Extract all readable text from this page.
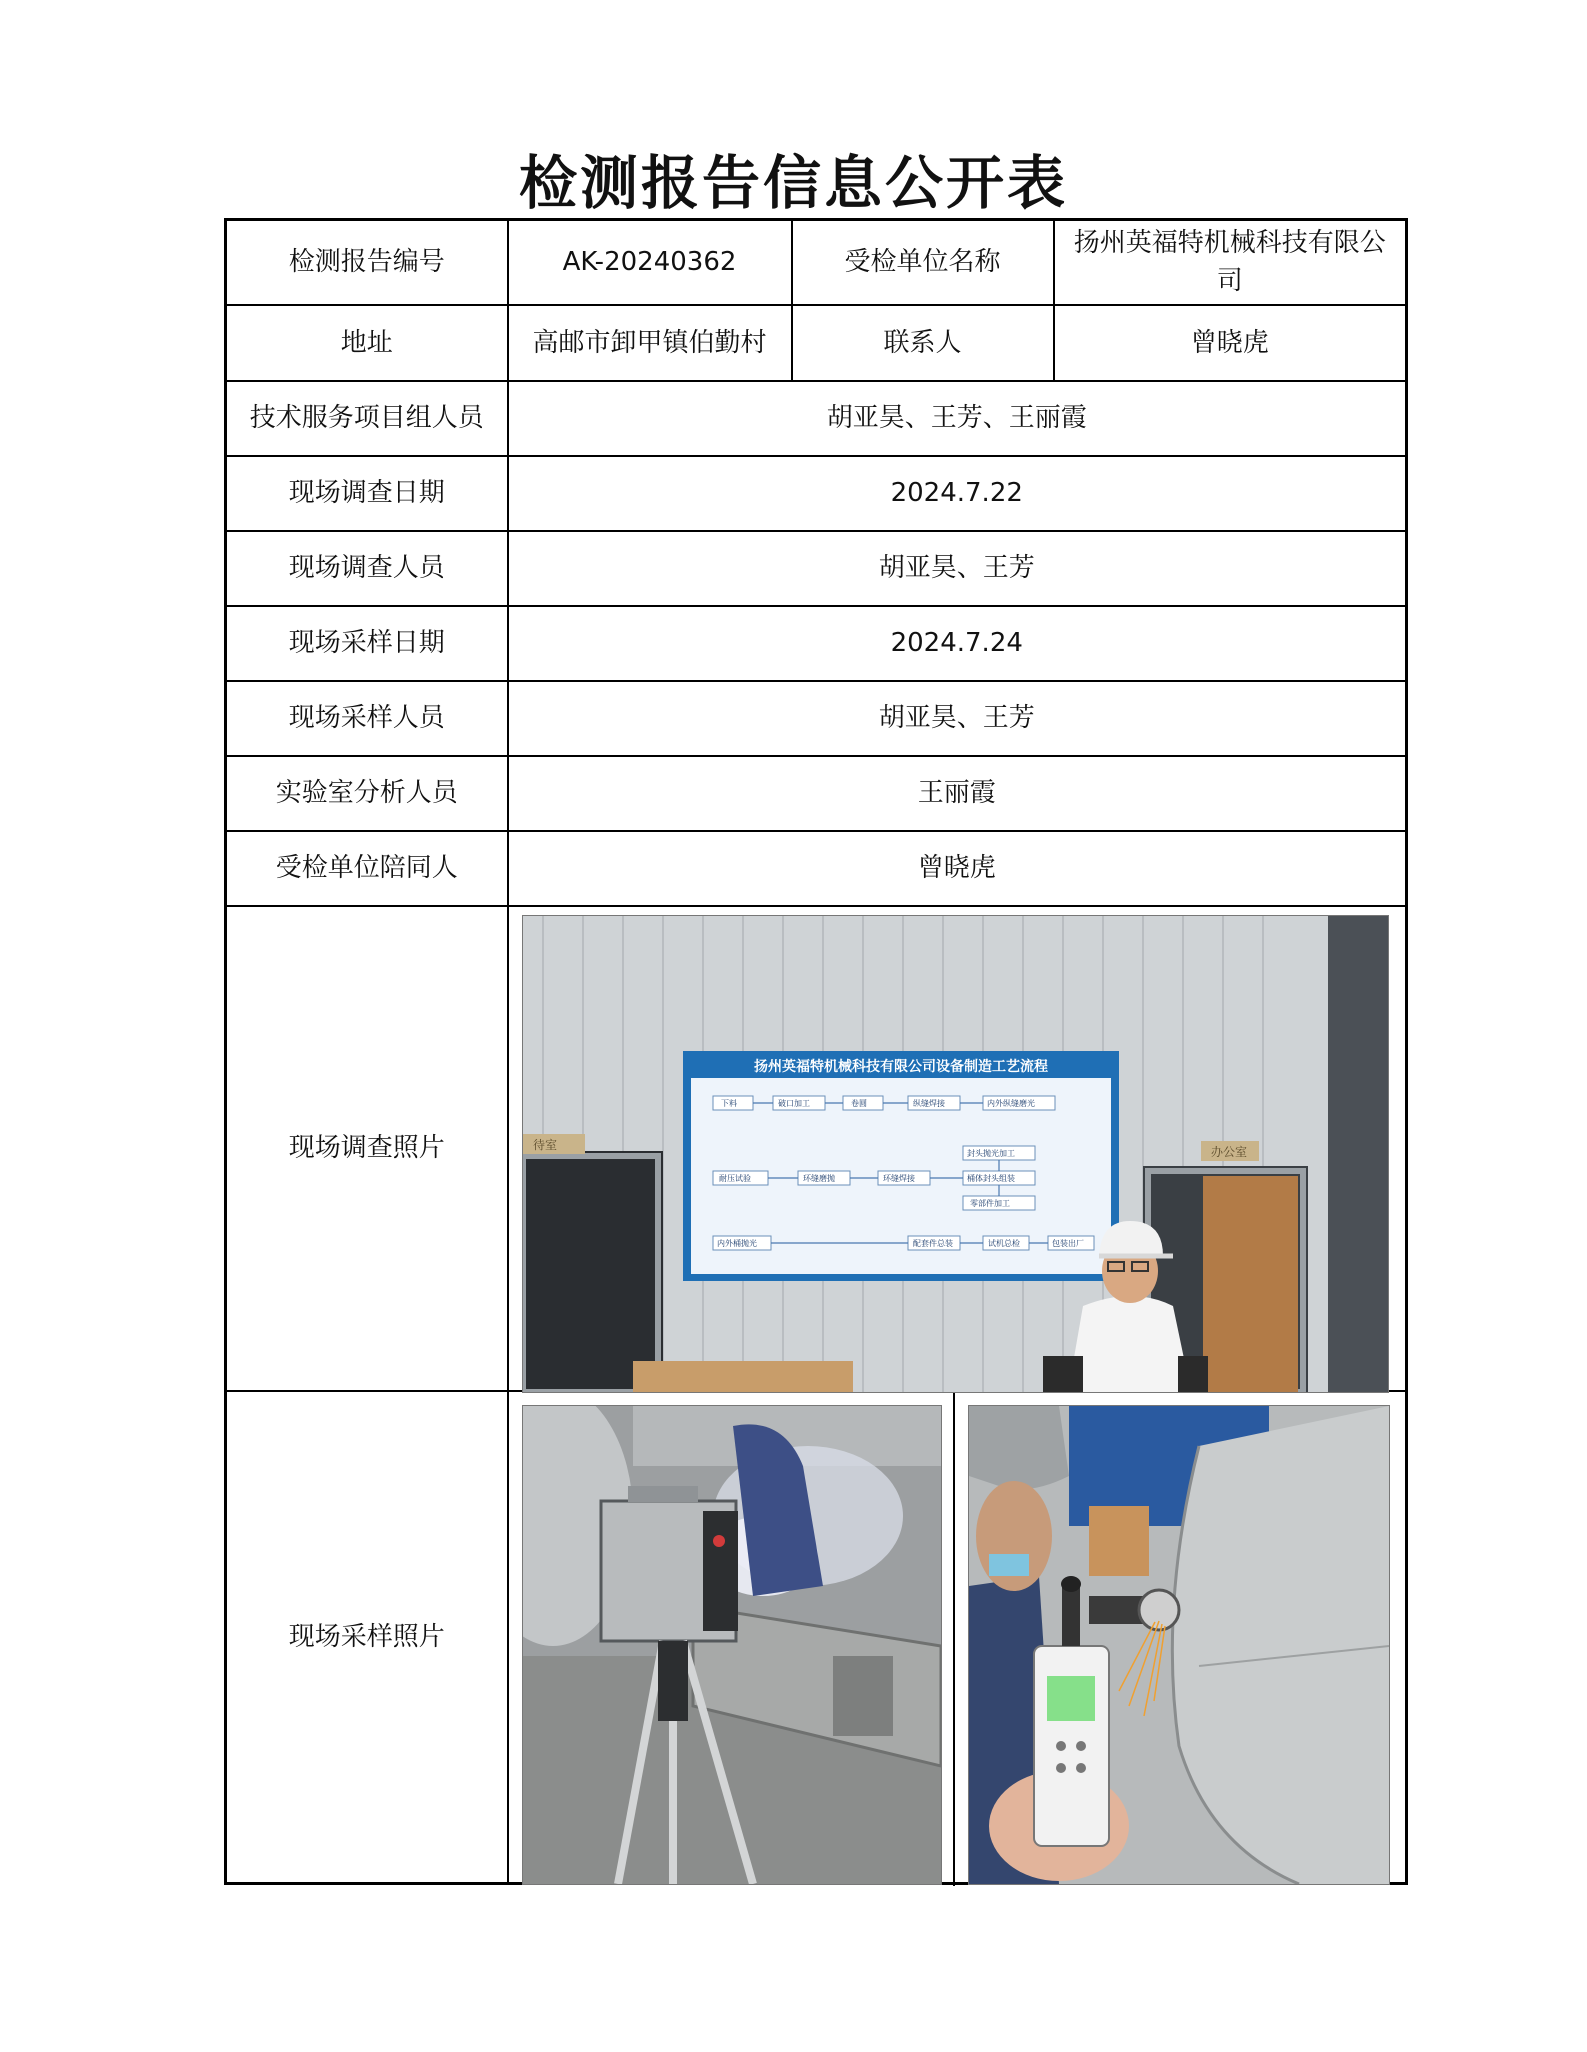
检测报告信息公开表
检测报告编号	AK-20240362	受检单位名称	扬州英福特机械科技有限公司
地址	高邮市卸甲镇伯勤村	联系人	曾晓虎
技术服务项目组人员	胡亚昊、王芳、王丽霞		
现场调查日期	2024.7.22		
现场调查人员	胡亚昊、王芳		
现场采样日期	2024.7.24		
现场采样人员	胡亚昊、王芳		
实验室分析人员	王丽霞		
受检单位陪同人	曾晓虎		
现场调查照片			
现场采样照片			
待室	办公室
扬州英福特机械科技有限公司设备制造工艺流程
下料	破口加工	卷圆	纵缝焊接	内外纵缝磨光
封头抛光加工
耐压试验	环缝磨抛	环缝焊接	桶体封头组装
零部件加工
内外桶抛光	配套件总装	试机总检	包装出厂
